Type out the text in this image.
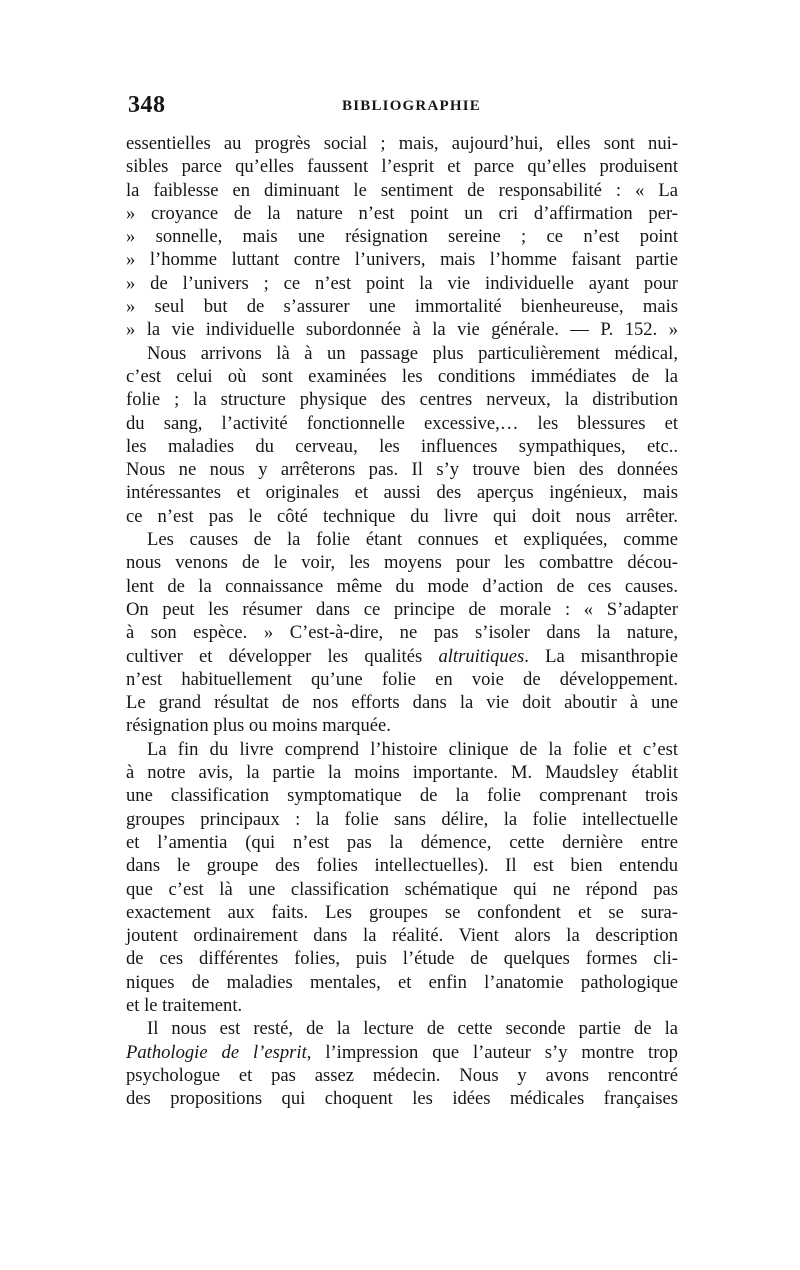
348	BIBLIOGRAPHIE
essentielles au progrès social ; mais, aujourd’hui, elles sont nui-
sibles parce qu’elles faussent l’esprit et parce qu’elles produisent
la faiblesse en diminuant le sentiment de responsabilité : « La
» croyance de la nature n’est point un cri d’affirmation per-
» sonnelle, mais une résignation sereine ; ce n’est point
» l’homme luttant contre l’univers, mais l’homme faisant partie
» de l’univers ; ce n’est point la vie individuelle ayant pour
» seul but de s’assurer une immortalité bienheureuse, mais
» la vie individuelle subordonnée à la vie générale. — P. 152. »
Nous arrivons là à un passage plus particulièrement médical,
c’est celui où sont examinées les conditions immédiates de la
folie ; la structure physique des centres nerveux, la distribution
du sang, l’activité fonctionnelle excessive,… les blessures et
les maladies du cerveau, les influences sympathiques, etc..
Nous ne nous y arrêterons pas. Il s’y trouve bien des données
intéressantes et originales et aussi des aperçus ingénieux, mais
ce n’est pas le côté technique du livre qui doit nous arrêter.
Les causes de la folie étant connues et expliquées, comme
nous venons de le voir, les moyens pour les combattre décou-
lent de la connaissance même du mode d’action de ces causes.
On peut les résumer dans ce principe de morale : « S’adapter
à son espèce. » C’est-à-dire, ne pas s’isoler dans la nature,
cultiver et développer les qualités altruitiques. La misanthropie
n’est habituellement qu’une folie en voie de développement.
Le grand résultat de nos efforts dans la vie doit aboutir à une
résignation plus ou moins marquée.
La fin du livre comprend l’histoire clinique de la folie et c’est
à notre avis, la partie la moins importante. M. Maudsley établit
une classification symptomatique de la folie comprenant trois
groupes principaux : la folie sans délire, la folie intellectuelle
et l’amentia (qui n’est pas la démence, cette dernière entre
dans le groupe des folies intellectuelles). Il est bien entendu
que c’est là une classification schématique qui ne répond pas
exactement aux faits. Les groupes se confondent et se sura-
joutent ordinairement dans la réalité. Vient alors la description
de ces différentes folies, puis l’étude de quelques formes cli-
niques de maladies mentales, et enfin l’anatomie pathologique
et le traitement.
Il nous est resté, de la lecture de cette seconde partie de la
Pathologie de l’esprit, l’impression que l’auteur s’y montre trop
psychologue et pas assez médecin. Nous y avons rencontré
des propositions qui choquent les idées médicales françaises
